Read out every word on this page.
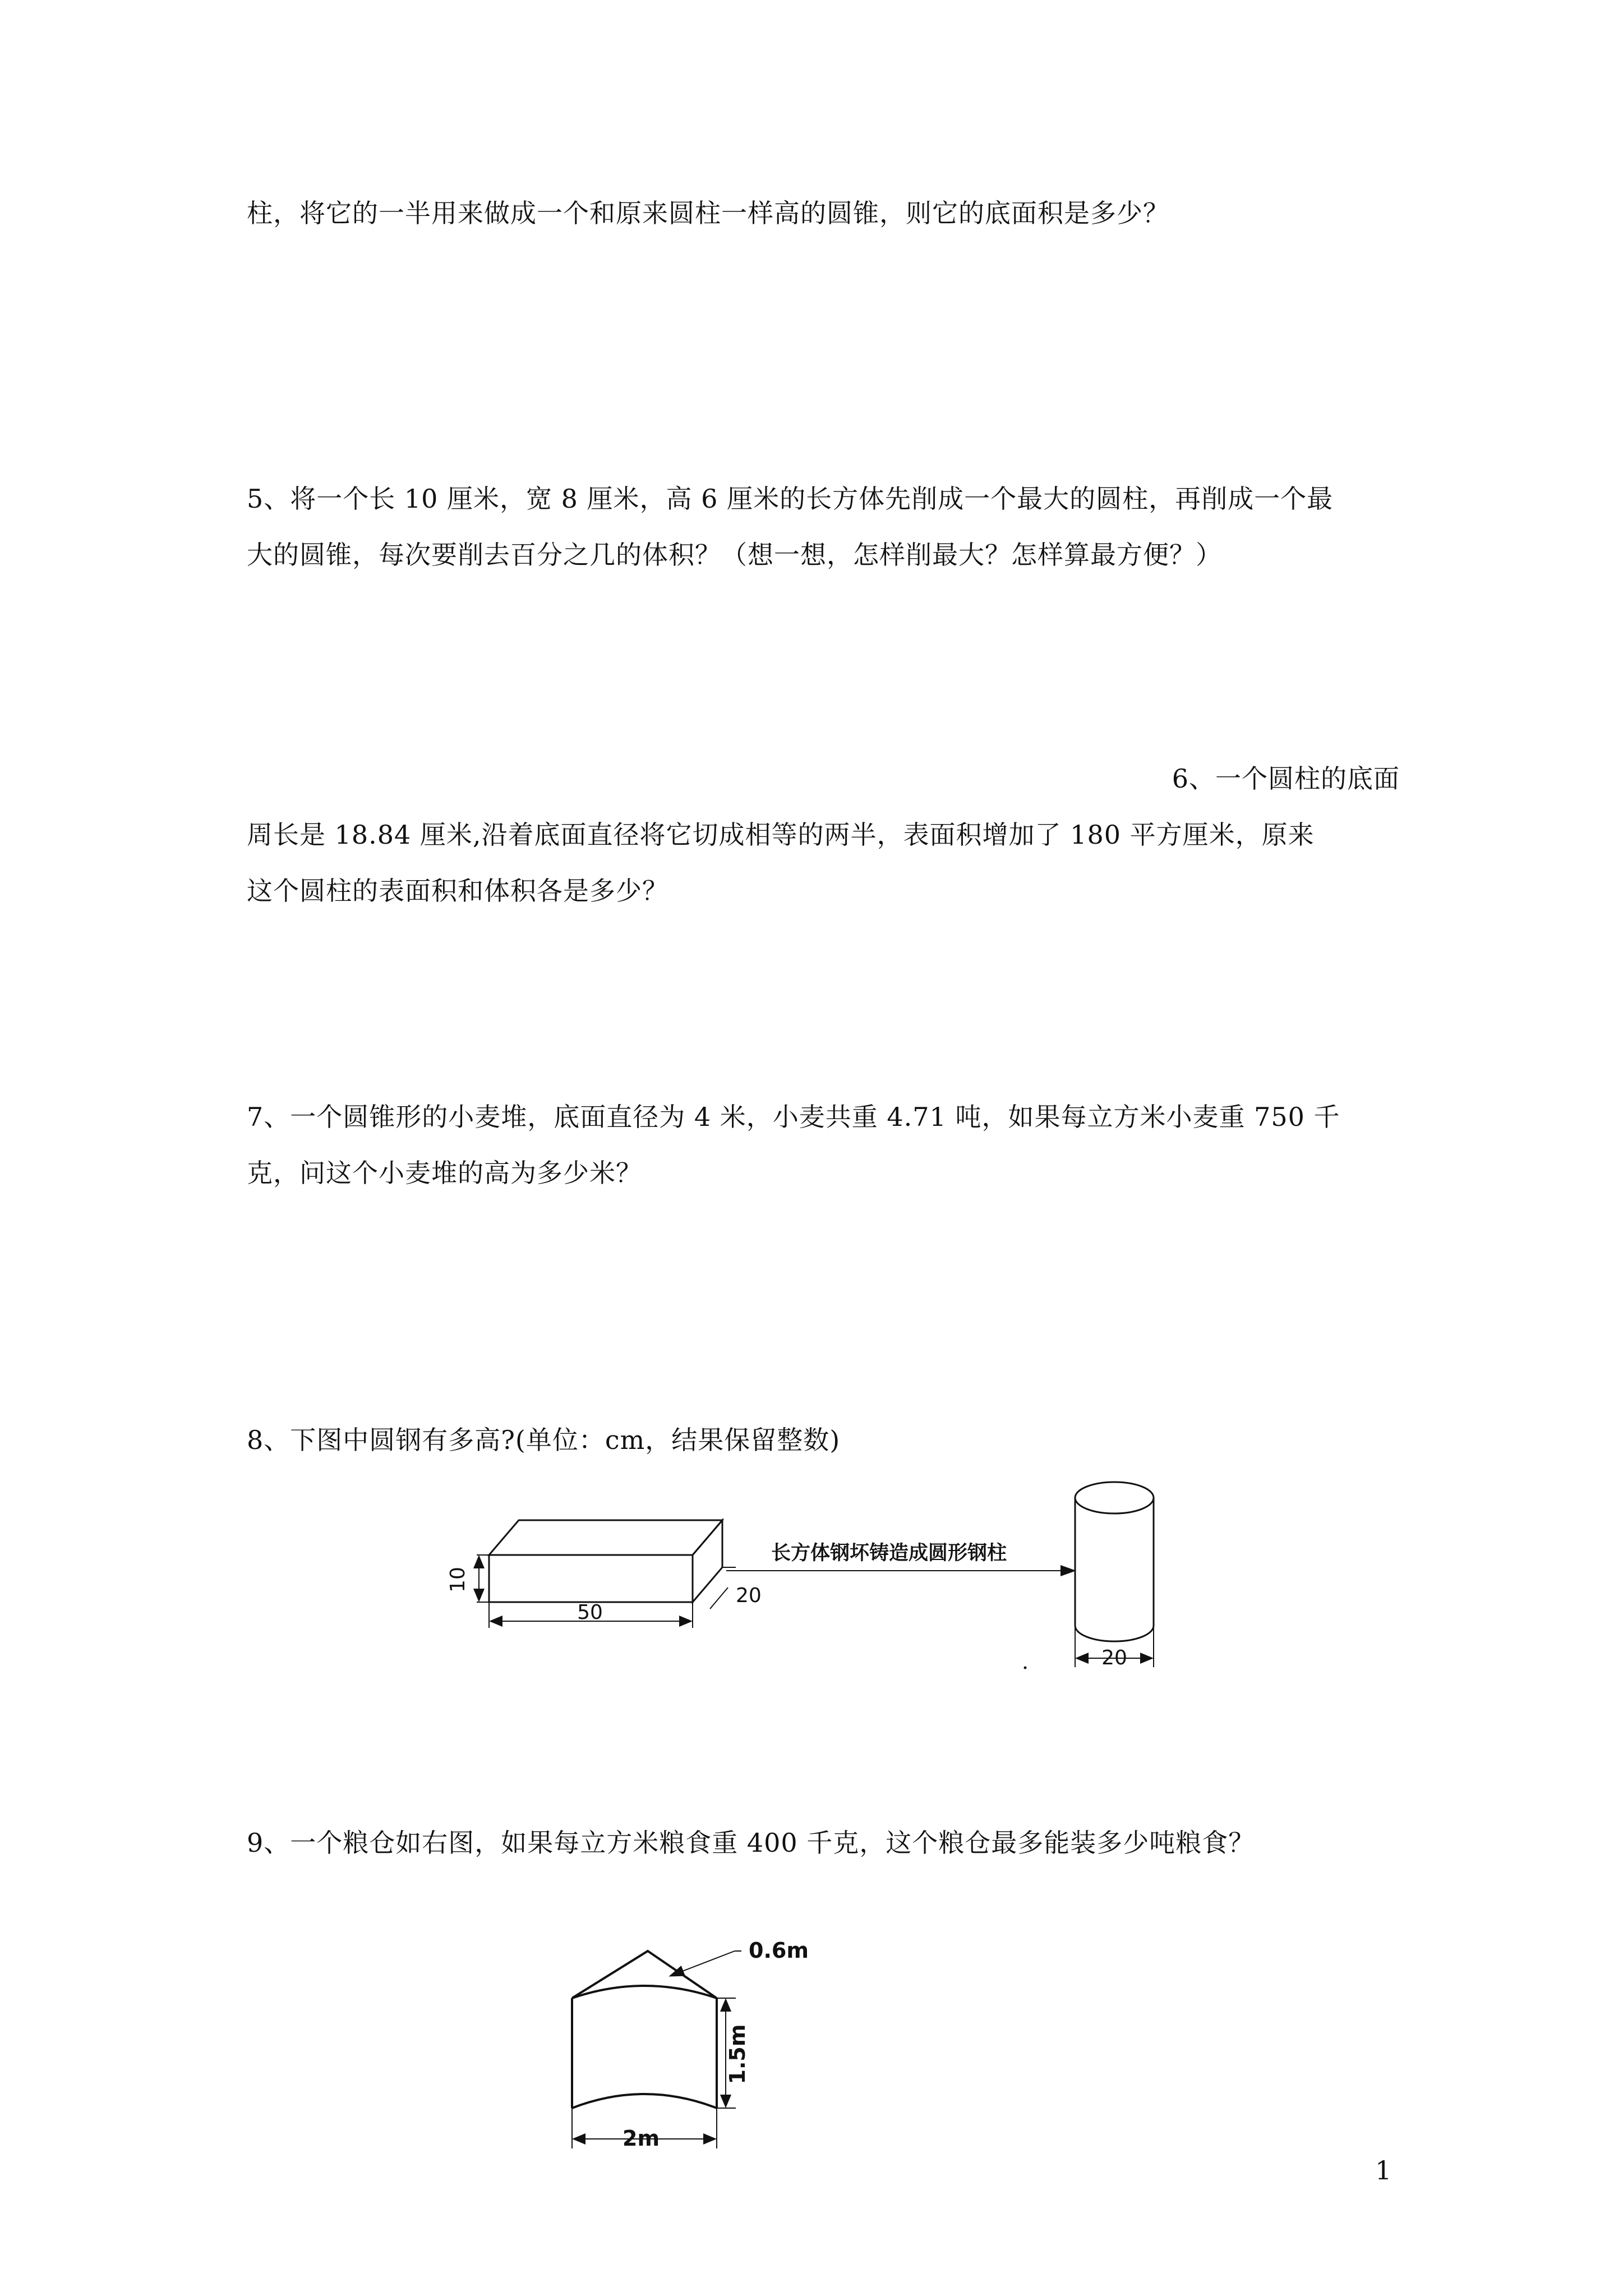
柱，将它的一半用来做成一个和原来圆柱一样高的圆锥，则它的底面积是多少？
5、将一个长 10 厘米，宽 8 厘米，高 6 厘米的长方体先削成一个最大的圆柱，再削成一个最
大的圆锥，每次要削去百分之几的体积？（想一想，怎样削最大？怎样算最方便？）
6、一个圆柱的底面
周长是 18.84 厘米,沿着底面直径将它切成相等的两半，表面积增加了 180 平方厘米，原来
这个圆柱的表面积和体积各是多少？
7、一个圆锥形的小麦堆，底面直径为 4 米，小麦共重 4.71 吨，如果每立方米小麦重 750 千
克，问这个小麦堆的高为多少米？
8、下图中圆钢有多高?(单位：cm，结果保留整数)
10
50
20
长方体钢坏铸造成圆形钢柱
20
9、一个粮仓如右图，如果每立方米粮食重 400 千克，这个粮仓最多能装多少吨粮食？
0.6m
1.5m
2m
1
